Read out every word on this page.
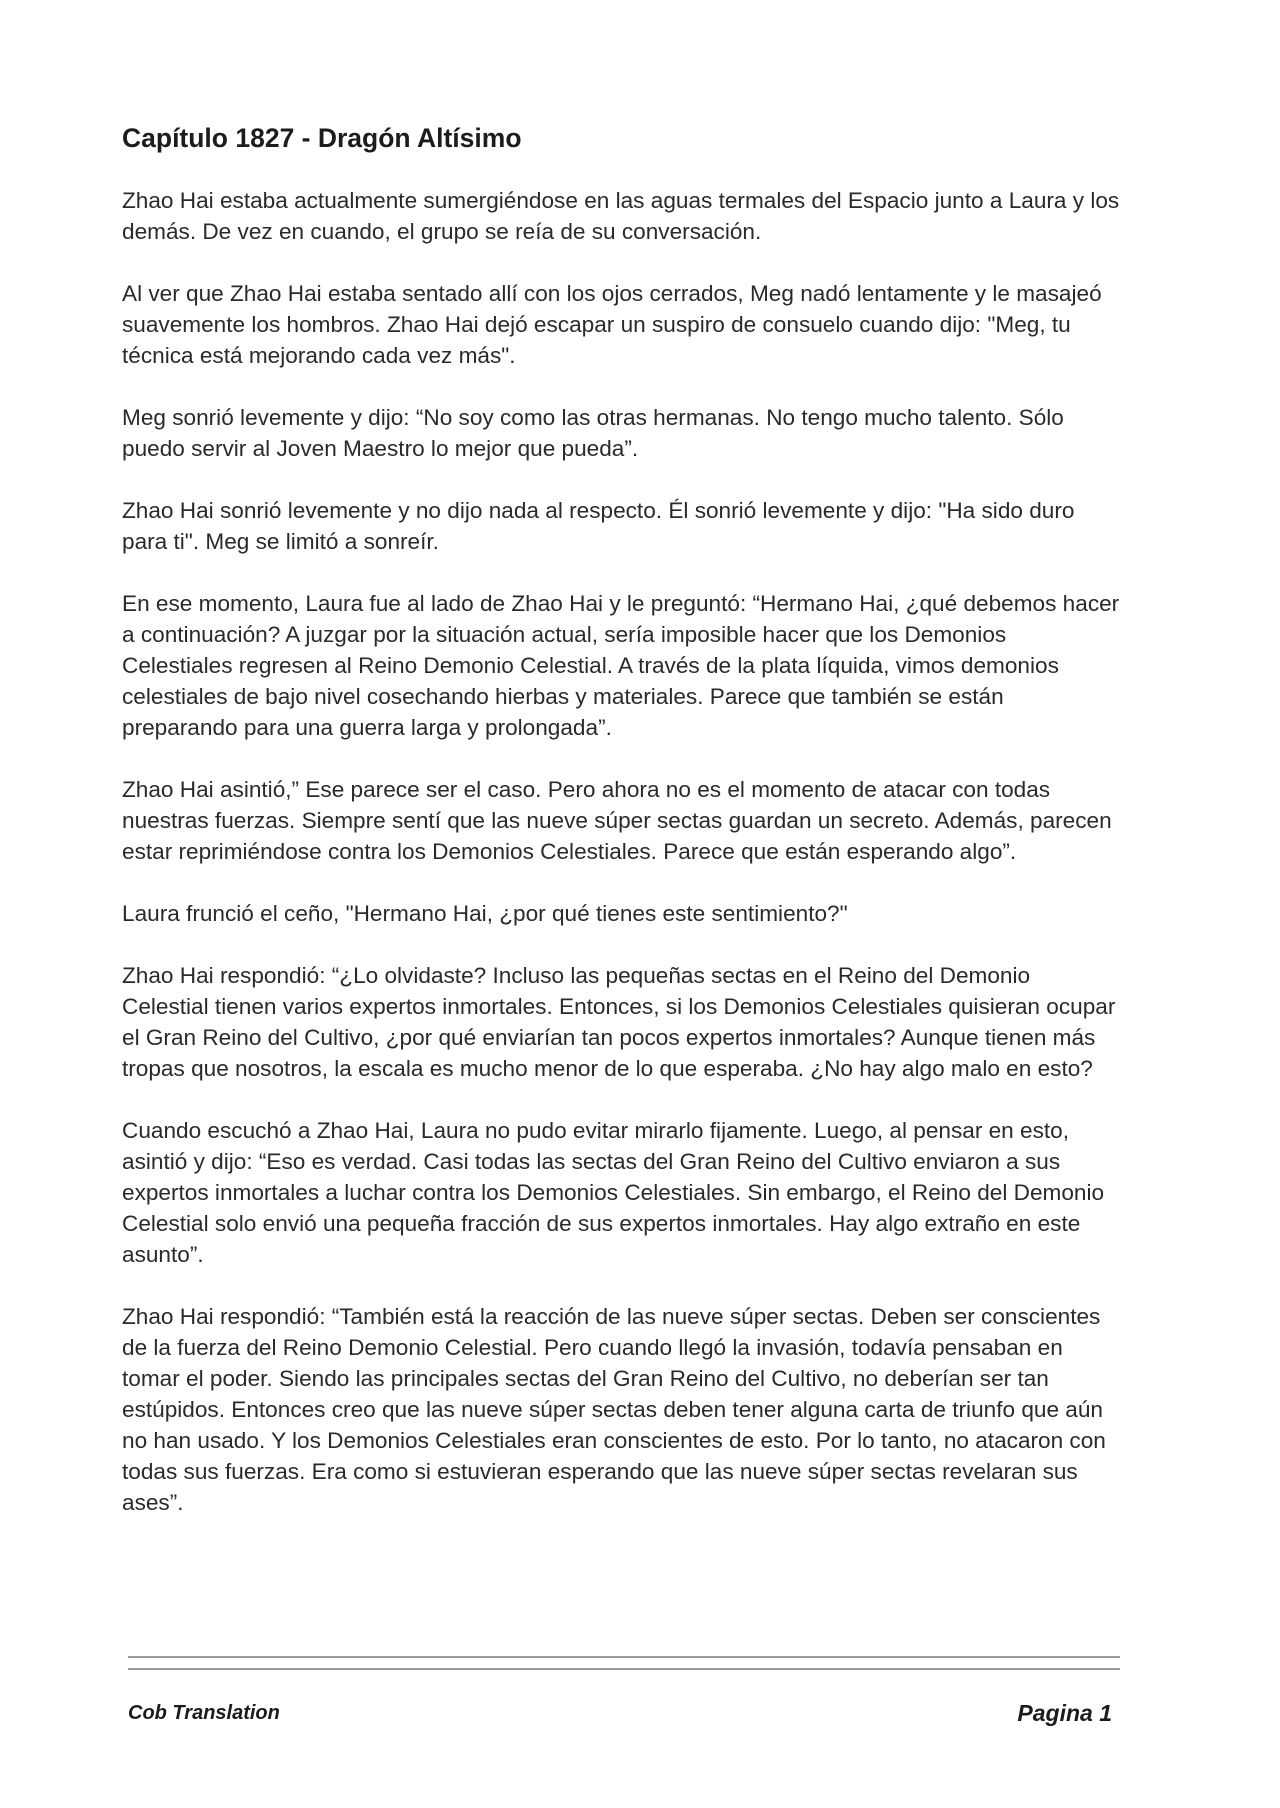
Capítulo 1827 - Dragón Altísimo

Zhao Hai estaba actualmente sumergiéndose en las aguas termales del Espacio junto a Laura y los demás. De vez en cuando, el grupo se reía de su conversación.

Al ver que Zhao Hai estaba sentado allí con los ojos cerrados, Meg nadó lentamente y le masajeó suavemente los hombros. Zhao Hai dejó escapar un suspiro de consuelo cuando dijo: "Meg, tu técnica está mejorando cada vez más".

Meg sonrió levemente y dijo: “No soy como las otras hermanas. No tengo mucho talento. Sólo puedo servir al Joven Maestro lo mejor que pueda”.

Zhao Hai sonrió levemente y no dijo nada al respecto. Él sonrió levemente y dijo: "Ha sido duro para ti". Meg se limitó a sonreír.

En ese momento, Laura fue al lado de Zhao Hai y le preguntó: “Hermano Hai, ¿qué debemos hacer a continuación? A juzgar por la situación actual, sería imposible hacer que los Demonios Celestiales regresen al Reino Demonio Celestial. A través de la plata líquida, vimos demonios celestiales de bajo nivel cosechando hierbas y materiales. Parece que también se están preparando para una guerra larga y prolongada”.

Zhao Hai asintió,” Ese parece ser el caso. Pero ahora no es el momento de atacar con todas nuestras fuerzas. Siempre sentí que las nueve súper sectas guardan un secreto. Además, parecen estar reprimiéndose contra los Demonios Celestiales. Parece que están esperando algo”.

Laura frunció el ceño, "Hermano Hai, ¿por qué tienes este sentimiento?"

Zhao Hai respondió: “¿Lo olvidaste? Incluso las pequeñas sectas en el Reino del Demonio Celestial tienen varios expertos inmortales. Entonces, si los Demonios Celestiales quisieran ocupar el Gran Reino del Cultivo, ¿por qué enviarían tan pocos expertos inmortales? Aunque tienen más tropas que nosotros, la escala es mucho menor de lo que esperaba. ¿No hay algo malo en esto?

Cuando escuchó a Zhao Hai, Laura no pudo evitar mirarlo fijamente. Luego, al pensar en esto, asintió y dijo: “Eso es verdad. Casi todas las sectas del Gran Reino del Cultivo enviaron a sus expertos inmortales a luchar contra los Demonios Celestiales. Sin embargo, el Reino del Demonio Celestial solo envió una pequeña fracción de sus expertos inmortales. Hay algo extraño en este asunto”.

Zhao Hai respondió: “También está la reacción de las nueve súper sectas. Deben ser conscientes de la fuerza del Reino Demonio Celestial. Pero cuando llegó la invasión, todavía pensaban en tomar el poder. Siendo las principales sectas del Gran Reino del Cultivo, no deberían ser tan estúpidos. Entonces creo que las nueve súper sectas deben tener alguna carta de triunfo que aún no han usado. Y los Demonios Celestiales eran conscientes de esto. Por lo tanto, no atacaron con todas sus fuerzas. Era como si estuvieran esperando que las nueve súper sectas revelaran sus ases”.

Cob Translation	Pagina 1
